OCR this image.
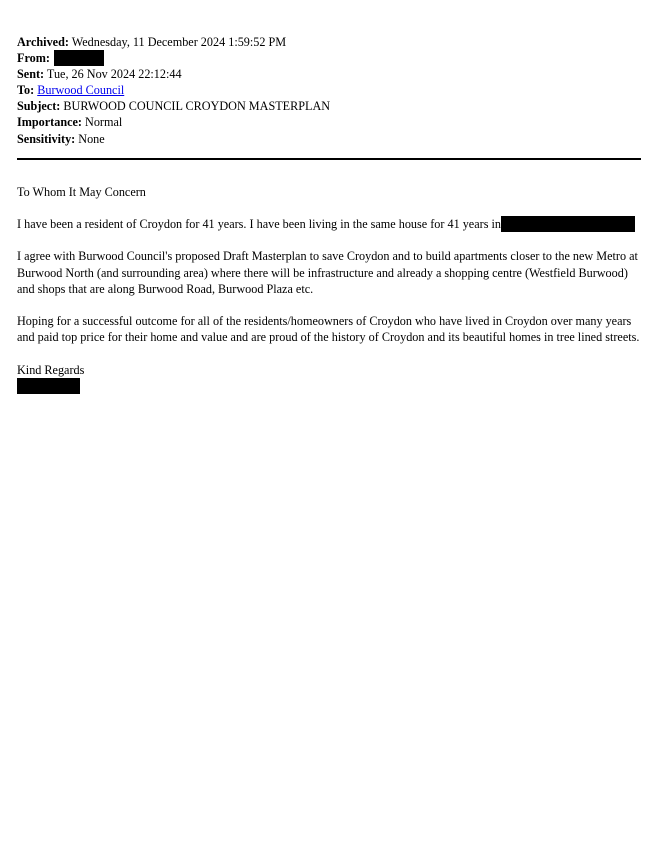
Archived: Wednesday, 11 December 2024 1:59:52 PM
From:
Sent: Tue, 26 Nov 2024 22:12:44
To: Burwood Council
Subject: BURWOOD COUNCIL CROYDON MASTERPLAN
Importance: Normal
Sensitivity: None

To Whom It May Concern

I have been a resident of Croydon for 41 years. I have been living in the same house for 41 years in

I agree with Burwood Council's proposed Draft Masterplan to save Croydon and to build apartments closer to the new Metro at Burwood North (and surrounding area) where there will be infrastructure and already a shopping centre (Westfield Burwood) and shops that are along Burwood Road, Burwood Plaza etc.

Hoping for a successful outcome for all of the residents/homeowners of Croydon who have lived in Croydon over many years and paid top price for their home and value and are proud of the history of Croydon and its beautiful homes in tree lined streets.

Kind Regards
